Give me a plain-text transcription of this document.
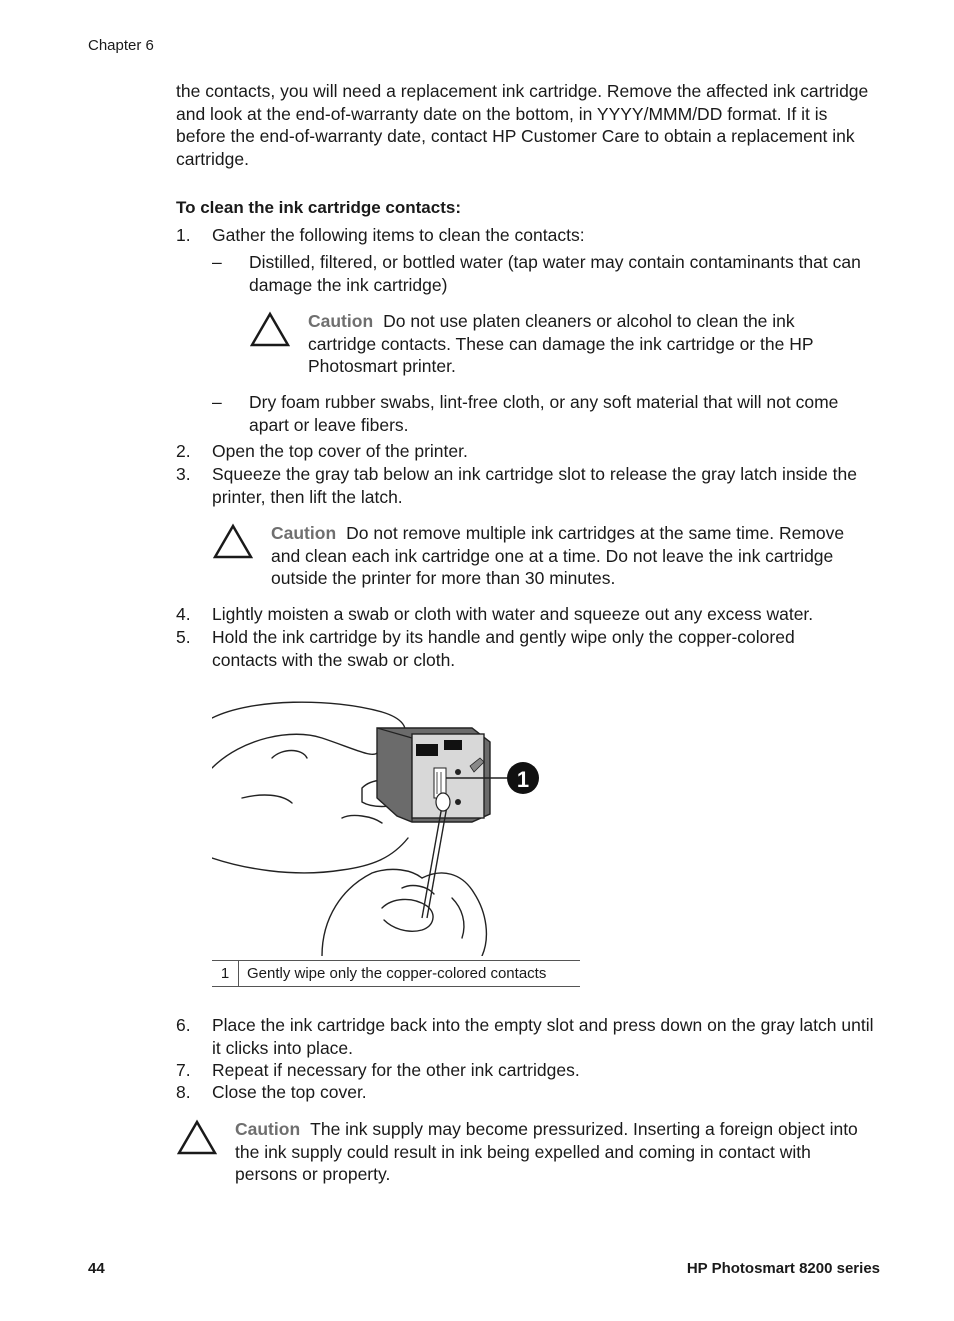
Chapter 6
the contacts, you will need a replacement ink cartridge. Remove the affected ink cartridge and look at the end-of-warranty date on the bottom, in YYYY/MMM/DD format. If it is before the end-of-warranty date, contact HP Customer Care to obtain a replacement ink cartridge.
To clean the ink cartridge contacts:
1.	Gather the following items to clean the contacts:
– Distilled, filtered, or bottled water (tap water may contain contaminants that can damage the ink cartridge)
Caution Do not use platen cleaners or alcohol to clean the ink cartridge contacts. These can damage the ink cartridge or the HP Photosmart printer.
– Dry foam rubber swabs, lint-free cloth, or any soft material that will not come apart or leave fibers.
2.	Open the top cover of the printer.
3.	Squeeze the gray tab below an ink cartridge slot to release the gray latch inside the printer, then lift the latch.
Caution Do not remove multiple ink cartridges at the same time. Remove and clean each ink cartridge one at a time. Do not leave the ink cartridge outside the printer for more than 30 minutes.
4.	Lightly moisten a swab or cloth with water and squeeze out any excess water.
5.	Hold the ink cartridge by its handle and gently wipe only the copper-colored contacts with the swab or cloth.
1
1	Gently wipe only the copper-colored contacts
6.	Place the ink cartridge back into the empty slot and press down on the gray latch until it clicks into place.
7.	Repeat if necessary for the other ink cartridges.
8.	Close the top cover.
Caution The ink supply may become pressurized. Inserting a foreign object into the ink supply could result in ink being expelled and coming in contact with persons or property.
44	HP Photosmart 8200 series
